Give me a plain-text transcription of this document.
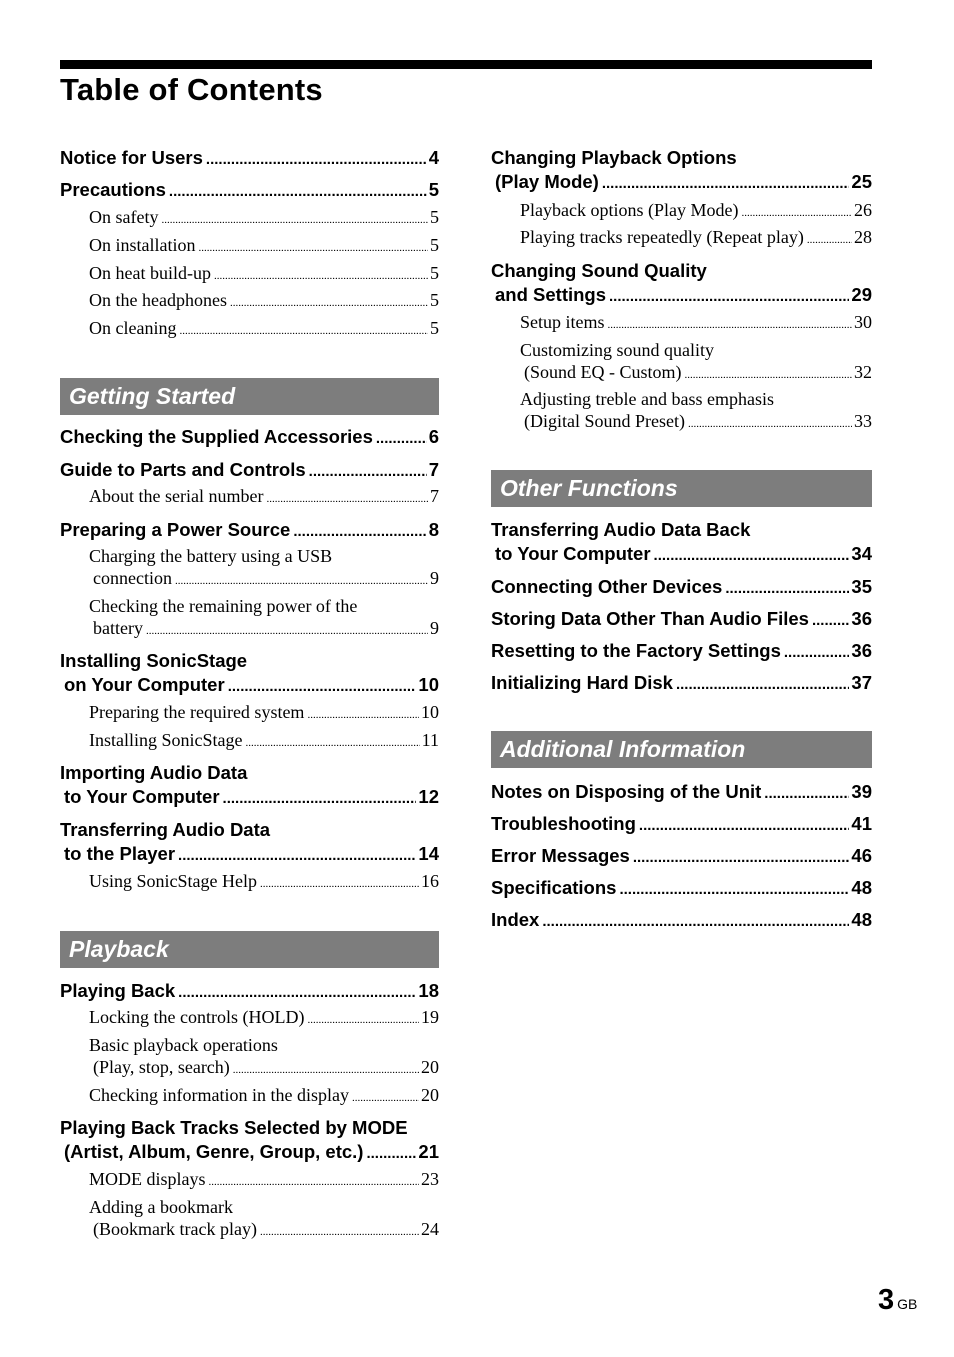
Table of Contents
Notice for Users .....	4
Precautions .....	5
On safety .....	5
On installation .....	5
On heat build-up .....	5
On the headphones .....	5
On cleaning .....	5
Getting Started
Checking the Supplied Accessories .....	6
Guide to Parts and Controls .....	7
About the serial number .....	7
Preparing a Power Source .....	8
Charging the battery using a USB
connection .....	9
Checking the remaining power of the
battery .....	9
Installing SonicStage
on Your Computer .....	10
Preparing the required system .....	10
Installing SonicStage .....	11
Importing Audio Data
to Your Computer .....	12
Transferring Audio Data
to the Player .....	14
Using SonicStage Help .....	16
Playback
Playing Back .....	18
Locking the controls (HOLD) .....	19
Basic playback operations
(Play, stop, search) .....	20
Checking information in the display .....	20
Playing Back Tracks Selected by MODE
(Artist, Album, Genre, Group, etc.) .....	21
MODE displays .....	23
Adding a bookmark
(Bookmark track play) .....	24
Changing Playback Options
(Play Mode) .....	25
Playback options (Play Mode) .....	26
Playing tracks repeatedly (Repeat play) .....	28
Changing Sound Quality
and Settings .....	29
Setup items .....	30
Customizing sound quality
(Sound EQ - Custom) .....	32
Adjusting treble and bass emphasis
(Digital Sound Preset) .....	33
Other Functions
Transferring Audio Data Back
to Your Computer .....	34
Connecting Other Devices .....	35
Storing Data Other Than Audio Files ..... 36
Resetting to the Factory Settings .....	36
Initializing Hard Disk .....	37
Additional Information
Notes on Disposing of the Unit .....	39
Troubleshooting .....	41
Error Messages .....	46
Specifications .....	48
Index .....	48
3 GB
